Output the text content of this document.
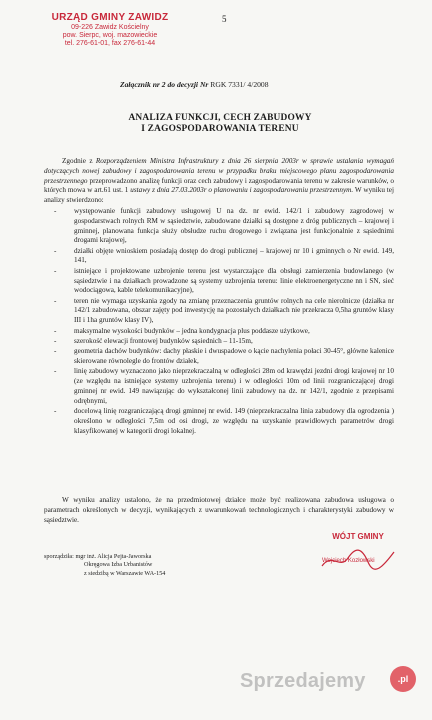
URZĄD GMINY ZAWIDZ
09-226 Zawidz Kościelny
pow. Sierpc, woj. mazowieckie
tel. 276-61-01, fax 276-61-44
5
Załącznik nr 2 do decyzji Nr RGK 7331/ 4/2008
ANALIZA FUNKCJI, CECH ZABUDOWY
I ZAGOSPODAROWANIA TERENU

Zgodnie z Rozporządzeniem Ministra Infrastruktury z dnia 26 sierpnia 2003r w sprawie ustalania wymagań dotyczących nowej zabudowy i zagospodarowania terenu w przypadku braku miejscowego planu zagospodarowania przestrzennego przeprowadzono analizę funkcji oraz cech zabudowy i zagospodarowania terenu w zakresie warunków, o których mowa w art.61 ust. 1 ustawy z dnia 27.03.2003r o planowaniu i zagospodarowaniu przestrzennym. W wyniku tej analizy stwierdzono:

- występowanie funkcji zabudowy usługowej U na dz. nr ewid. 142/1 i zabudowy zagrodowej w gospodarstwach rolnych RM w sąsiedztwie, zabudowane działki są dostępne z dróg publicznych – krajowej i gminnej, planowana funkcja służy obsłudze ruchu drogowego i związana jest funkcjonalnie z sąsiednimi drogami krajowej,
- działki objęte wnioskiem posiadają dostęp do drogi publicznej – krajowej nr 10 i gminnych o Nr ewid. 149, 141,
- istniejące i projektowane uzbrojenie terenu jest wystarczające dla obsługi zamierzenia budowlanego (w sąsiedztwie i na działkach prowadzone są systemy uzbrojenia terenu: linie elektroenergetyczne nn i SN, sieć wodociągowa, kable telekomunikacyjne),
- teren nie wymaga uzyskania zgody na zmianę przeznaczenia gruntów rolnych na cele nierolnicze (działka nr 142/1 zabudowana, obszar zajęty pod inwestycję na pozostałych działkach nie przekracza 0,5ha gruntów klasy III i 1ha gruntów klasy IV),
- maksymalne wysokości budynków – jedna kondygnacja plus poddasze użytkowe,
- szerokość elewacji frontowej budynków sąsiednich – 11-15m,
- geometria dachów budynków: dachy płaskie i dwuspadowe o kącie nachylenia połaci 30-45°, główne kalenice skierowane równolegle do frontów działek,
- linię zabudowy wyznaczono jako nieprzekraczalną w odległości 28m od krawędzi jezdni drogi krajowej nr 10 (ze względu na istniejące systemy uzbrojenia terenu) i w odległości 10m od linii rozgraniczającej drogi gminnej nr ewid. 149 nawiązując do wykształconej linii zabudowy na dz. nr 142/1, zgodnie z przepisami odrębnymi,
- docelową linię rozgraniczającą drogi gminnej nr ewid. 149 (nieprzekraczalna linia zabudowy dla ogrodzenia ) określono w odległości 7,5m od osi drogi, ze względu na uzyskanie prawidłowych parametrów drogi klasyfikowanej w kategorii drogi lokalnej.
W wyniku analizy ustalono, że na przedmiotowej działce może być realizowana zabudowa usługowa o parametrach określonych w decyzji, wynikających z uwarunkowań technologicznych i charakterystyki zabudowy w sąsiedztwie.
WÓJT GMINY
Wojciech Kozłowski
sporządziła: mgr inż. Alicja Pejta-Jaworska
Okręgowa Izba Urbanistów
z siedzibą w Warszawie WA-154
Sprzedajemy	.pl
